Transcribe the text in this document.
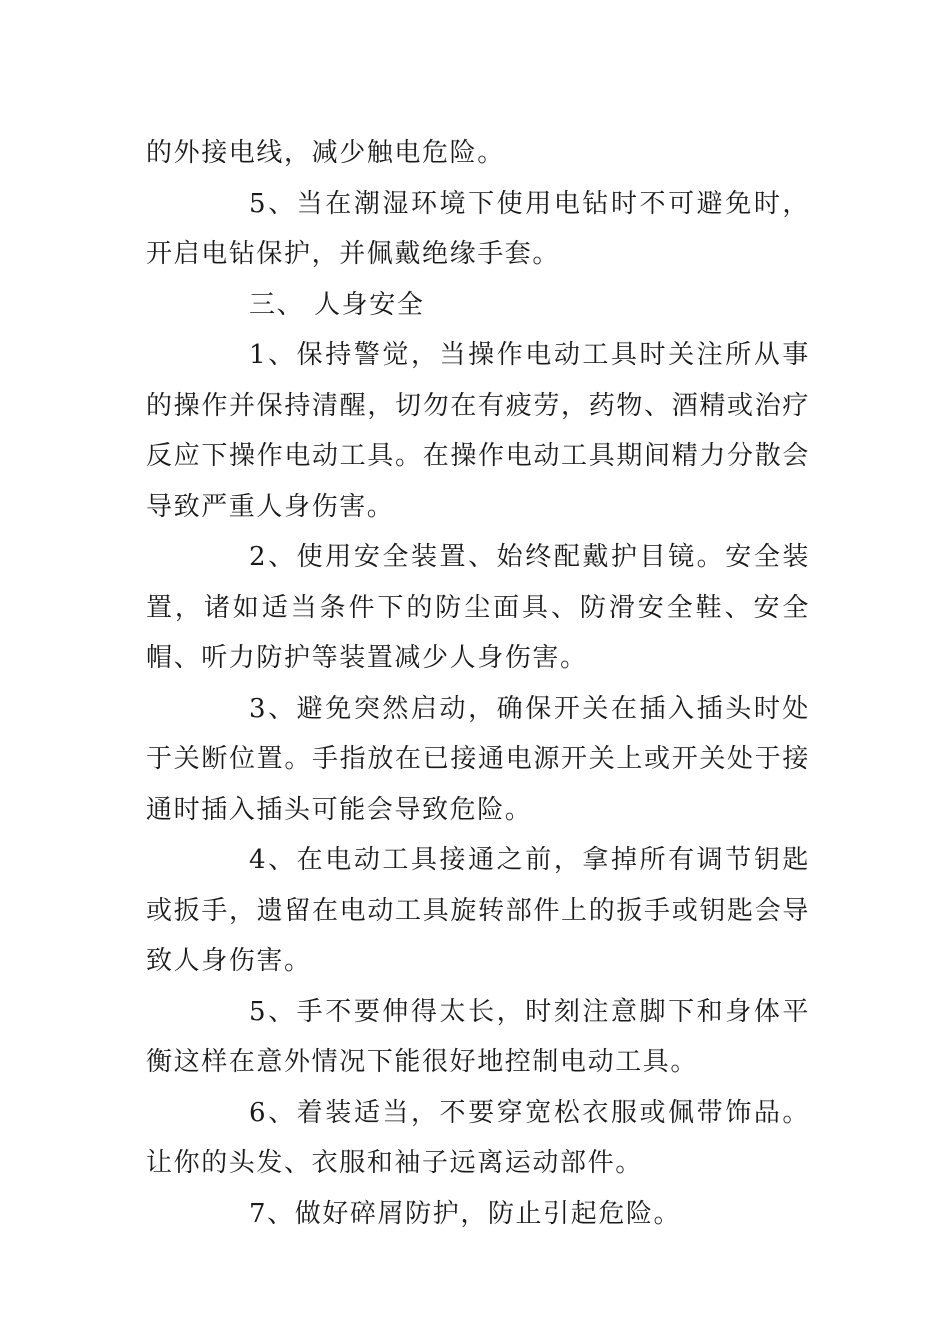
的外接电线，减少触电危险。

5、当在潮湿环境下使用电钻时不可避免时，开启电钻保护，并佩戴绝缘手套。

三、 人身安全

1、保持警觉，当操作电动工具时关注所从事的操作并保持清醒，切勿在有疲劳，药物、酒精或治疗反应下操作电动工具。在操作电动工具期间精力分散会导致严重人身伤害。

2、使用安全装置、始终配戴护目镜。安全装置，诸如适当条件下的防尘面具、防滑安全鞋、安全帽、听力防护等装置减少人身伤害。

3、避免突然启动，确保开关在插入插头时处于关断位置。手指放在已接通电源开关上或开关处于接通时插入插头可能会导致危险。

4、在电动工具接通之前，拿掉所有调节钥匙或扳手，遗留在电动工具旋转部件上的扳手或钥匙会导致人身伤害。

5、手不要伸得太长，时刻注意脚下和身体平衡这样在意外情况下能很好地控制电动工具。

6、着装适当，不要穿宽松衣服或佩带饰品。让你的头发、衣服和袖子远离运动部件。

7、做好碎屑防护，防止引起危险。
